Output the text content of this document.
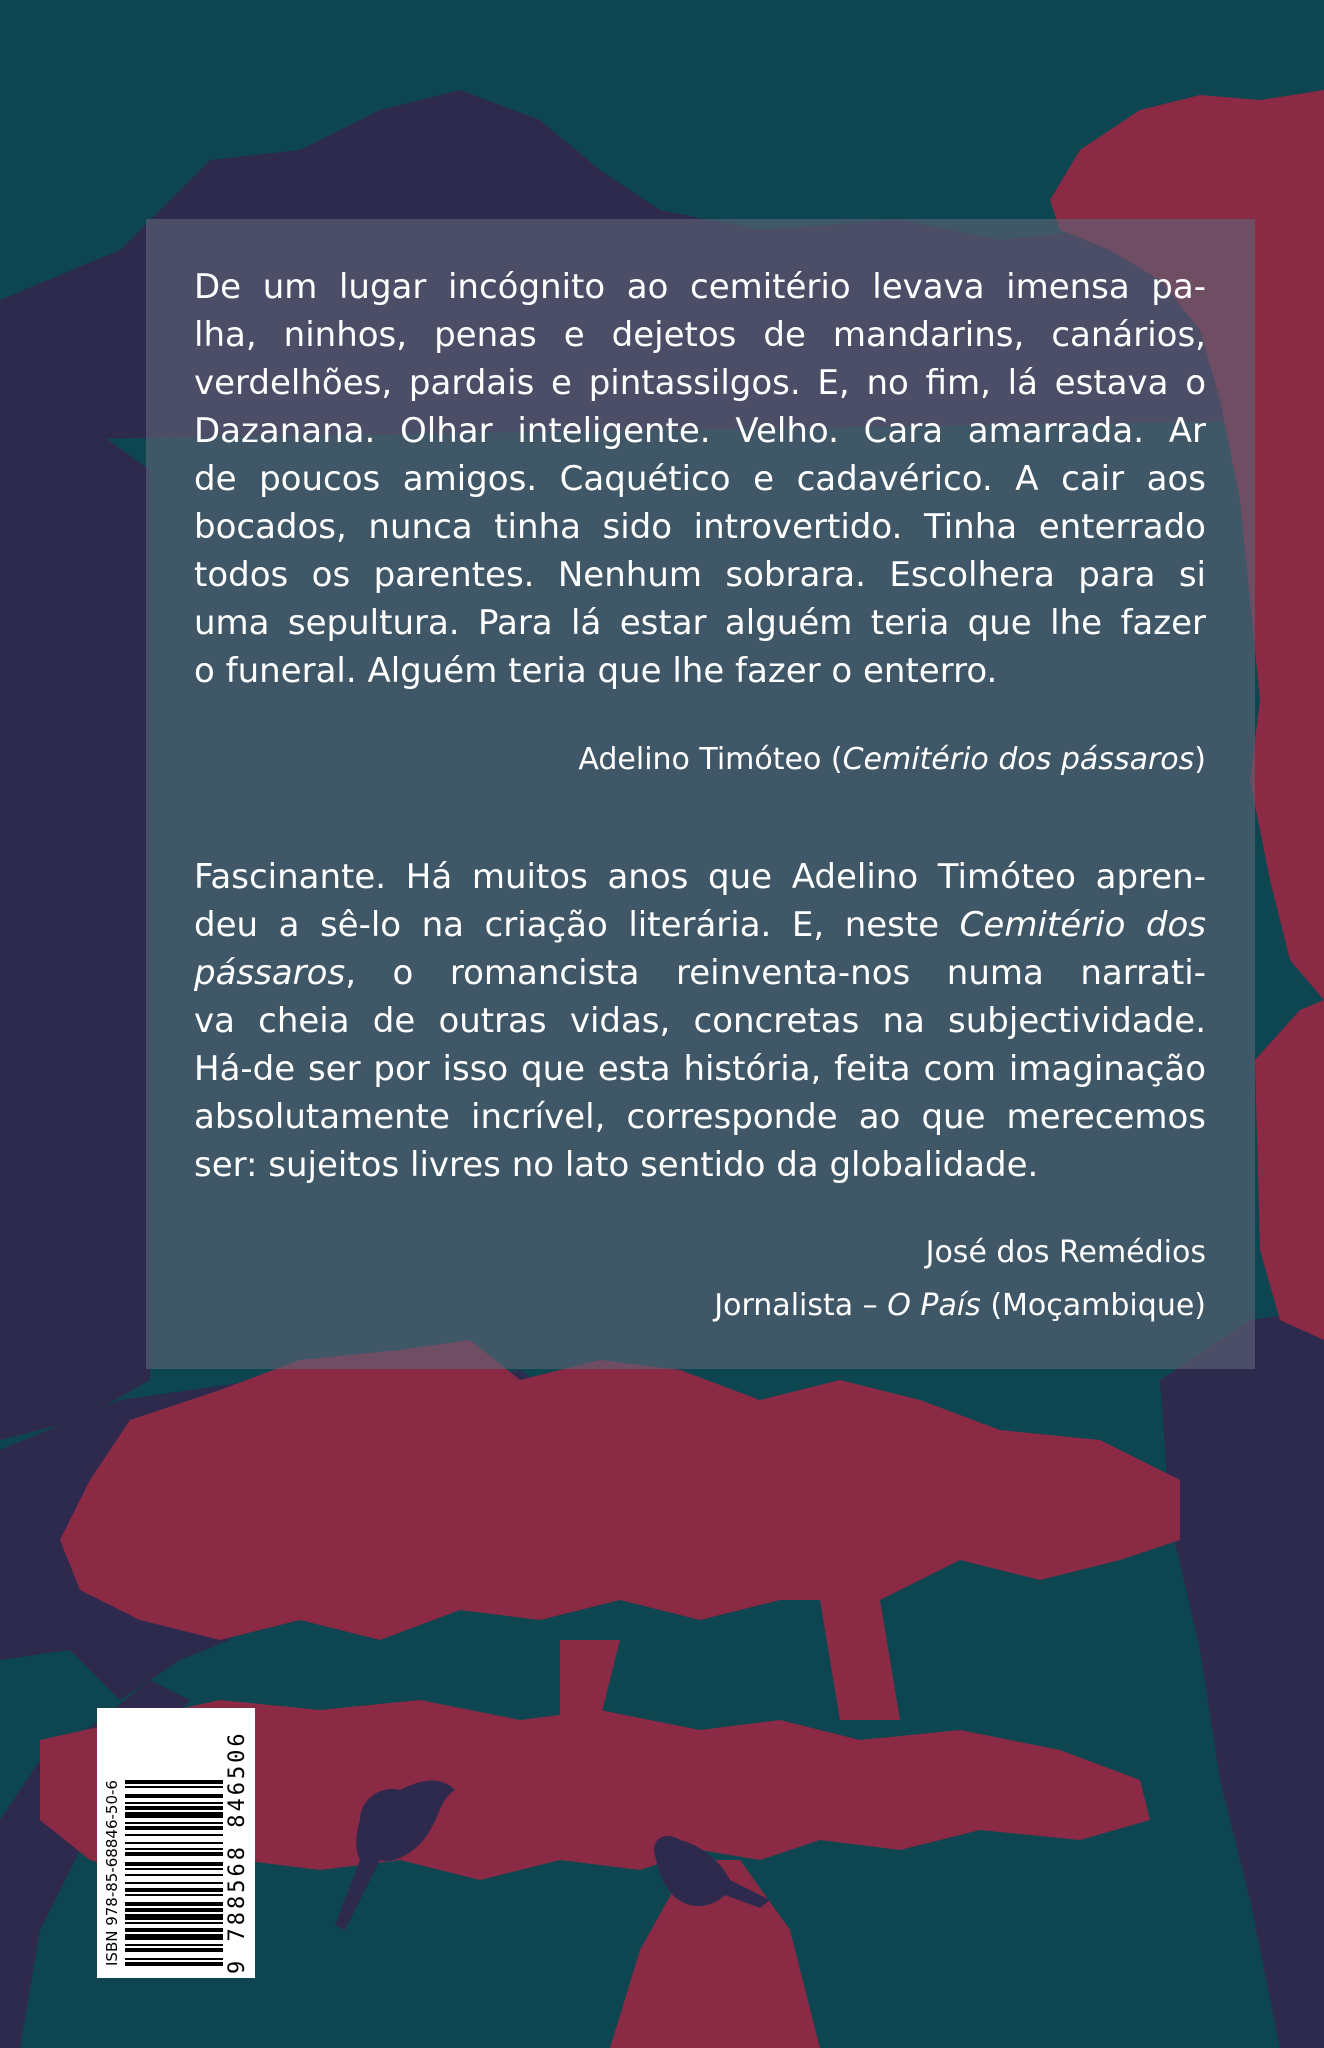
De um lugar incógnito ao cemitério levava imensa pa-
lha, ninhos, penas e dejetos de mandarins, canários,
verdelhões, pardais e pintassilgos. E, no fim, lá estava o
Dazanana. Olhar inteligente. Velho. Cara amarrada. Ar
de poucos amigos. Caquético e cadavérico. A cair aos
bocados, nunca tinha sido introvertido. Tinha enterrado
todos os parentes. Nenhum sobrara. Escolhera para si
uma sepultura. Para lá estar alguém teria que lhe fazer
o funeral. Alguém teria que lhe fazer o enterro.
Adelino Timóteo (Cemitério dos pássaros)
Fascinante. Há muitos anos que Adelino Timóteo apren-
deu a sê-lo na criação literária. E, neste Cemitério dos
pássaros, o romancista reinventa-nos numa narrati-
va cheia de outras vidas, concretas na subjectividade.
Há-de ser por isso que esta história, feita com imaginação
absolutamente incrível, corresponde ao que merecemos
ser: sujeitos livres no lato sentido da globalidade.
José dos Remédios
Jornalista – O País (Moçambique)
ISBN 978-85-68846-50-6	9 788568 846506
